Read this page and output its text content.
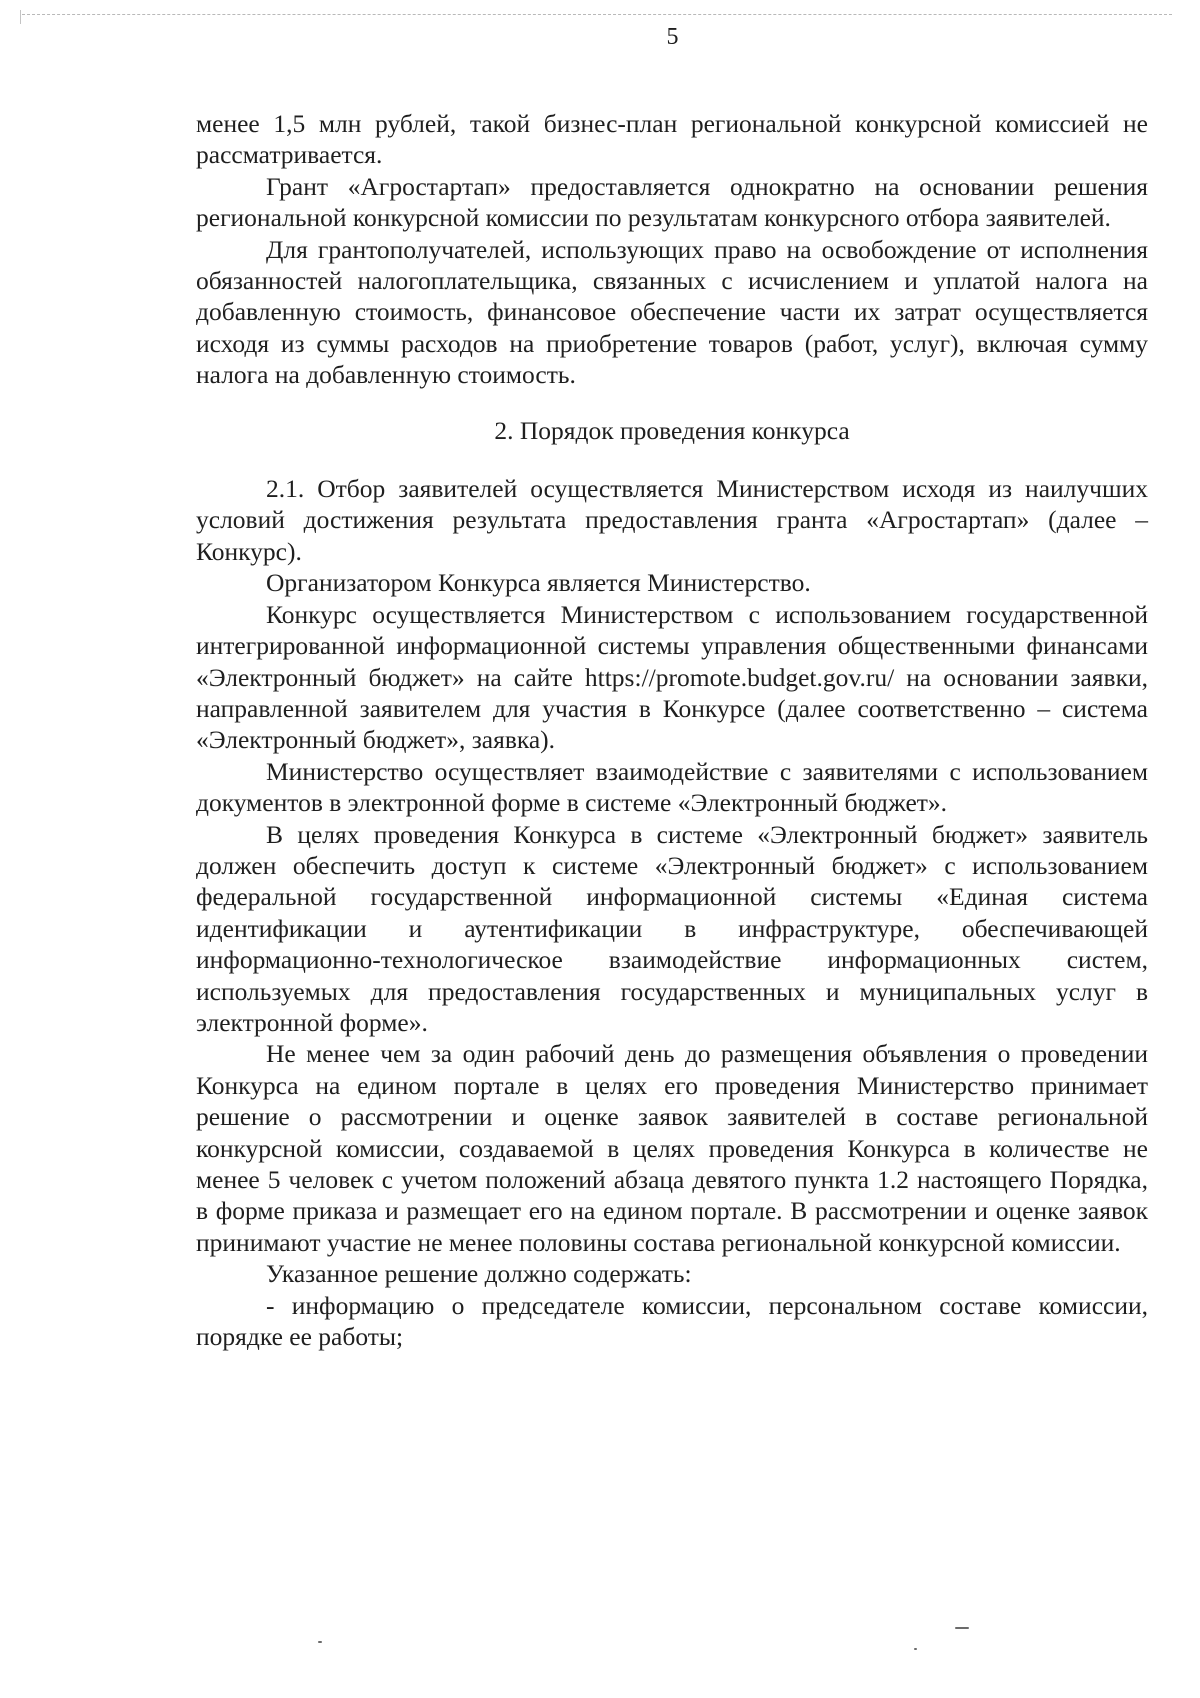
5

менее 1,5 млн рублей, такой бизнес-план региональной конкурсной комиссией не рассматривается.

Грант «Агростартап» предоставляется однократно на основании решения региональной конкурсной комиссии по результатам конкурсного отбора заявителей.

Для грантополучателей, использующих право на освобождение от исполнения обязанностей налогоплательщика, связанных с исчислением и уплатой налога на добавленную стоимость, финансовое обеспечение части их затрат осуществляется исходя из суммы расходов на приобретение товаров (работ, услуг), включая сумму налога на добавленную стоимость.

2. Порядок проведения конкурса

2.1. Отбор заявителей осуществляется Министерством исходя из наилучших условий достижения результата предоставления гранта «Агростартап» (далее – Конкурс).

Организатором Конкурса является Министерство.

Конкурс осуществляется Министерством с использованием государственной интегрированной информационной системы управления общественными финансами «Электронный бюджет» на сайте https://promote.budget.gov.ru/ на основании заявки, направленной заявителем для участия в Конкурсе (далее соответственно – система «Электронный бюджет», заявка).

Министерство осуществляет взаимодействие с заявителями с использованием документов в электронной форме в системе «Электронный бюджет».

В целях проведения Конкурса в системе «Электронный бюджет» заявитель должен обеспечить доступ к системе «Электронный бюджет» с использованием федеральной государственной информационной системы «Единая система идентификации и аутентификации в инфраструктуре, обеспечивающей информационно-технологическое взаимодействие информационных систем, используемых для предоставления государственных и муниципальных услуг в электронной форме».

Не менее чем за один рабочий день до размещения объявления о проведении Конкурса на едином портале в целях его проведения Министерство принимает решение о рассмотрении и оценке заявок заявителей в составе региональной конкурсной комиссии, создаваемой в целях проведения Конкурса в количестве не менее 5 человек с учетом положений абзаца девятого пункта 1.2 настоящего Порядка, в форме приказа и размещает его на едином портале. В рассмотрении и оценке заявок принимают участие не менее половины состава региональной конкурсной комиссии.

Указанное решение должно содержать:

- информацию о председателе комиссии, персональном составе комиссии, порядке ее работы;
